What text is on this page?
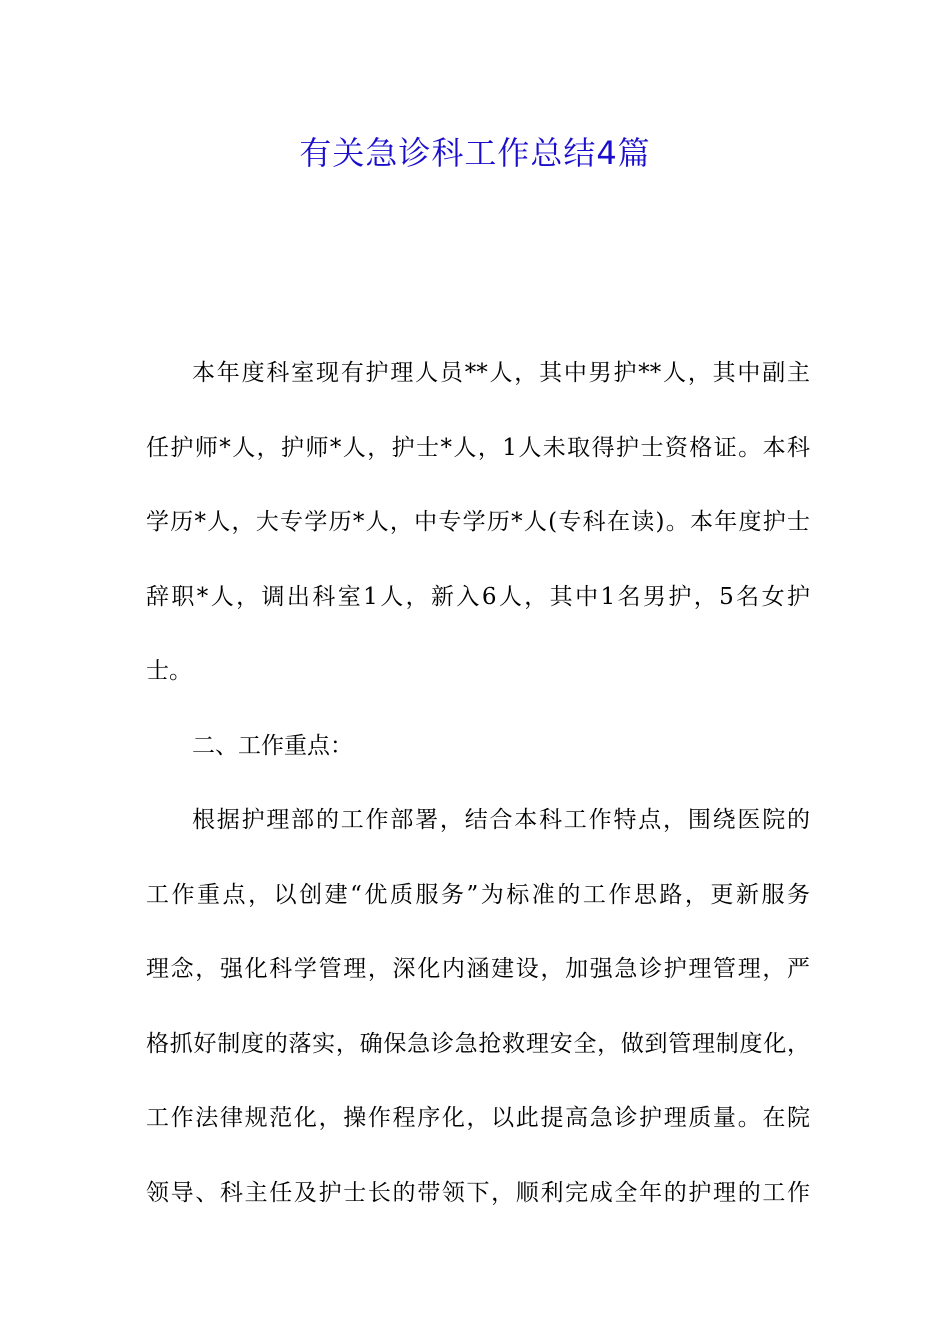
有关急诊科工作总结4篇
本年度科室现有护理人员**人，其中男护**人，其中副主
任护师*人，护师*人，护士*人，1人未取得护士资格证。本科
学历*人，大专学历*人，中专学历*人(专科在读)。本年度护士
辞职*人，调出科室1人，新入6人，其中1名男护，5名女护
士。
二、工作重点：
根据护理部的工作部署，结合本科工作特点，围绕医院的
工作重点，以创建“优质服务”为标准的工作思路，更新服务
理念，强化科学管理，深化内涵建设，加强急诊护理管理，严
格抓好制度的落实，确保急诊急抢救理安全，做到管理制度化，
工作法律规范化，操作程序化，以此提高急诊护理质量。在院
领导、科主任及护士长的带领下，顺利完成全年的护理的工作
